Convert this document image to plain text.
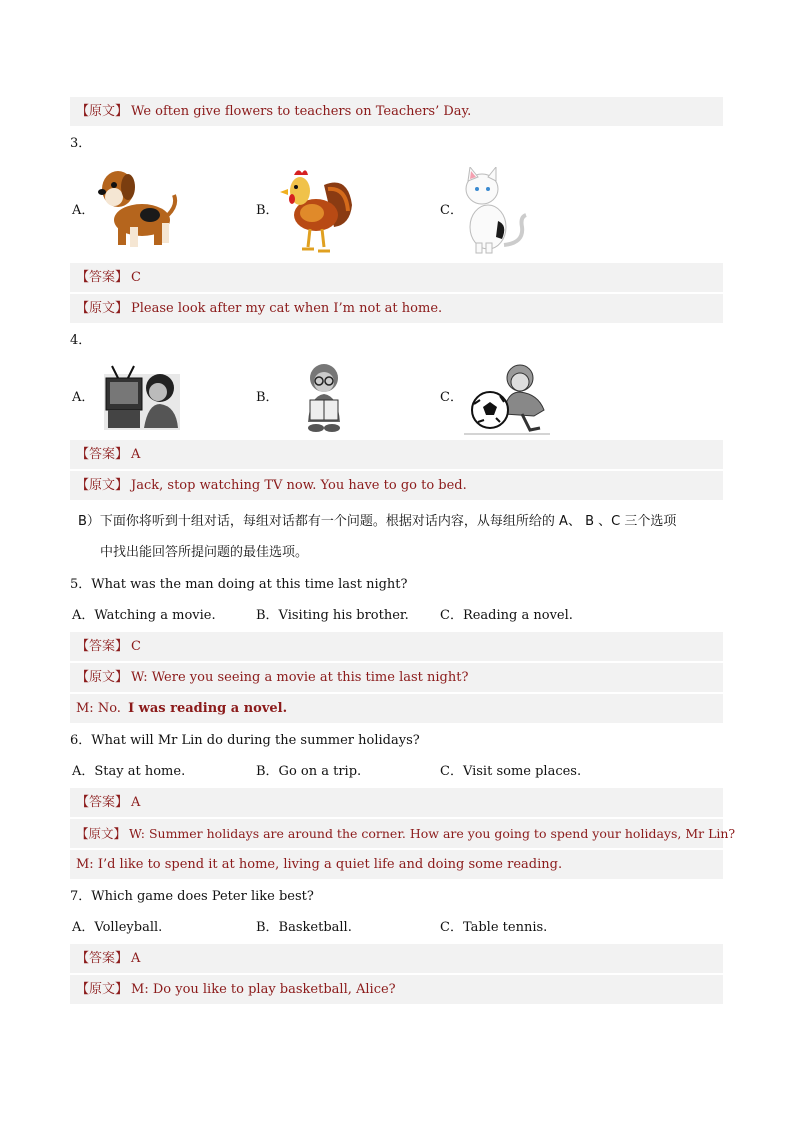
【原文】 We often give flowers to teachers on Teachers’ Day.
3．
A．	B．	C．
【答案】 C
【原文】 Please look after my cat when I’m not at home.
4．
A．	B．	C．
【答案】 A
【原文】 Jack, stop watching TV now. You have to go to bed.
B）下面你将听到十组对话，每组对话都有一个问题。根据对话内容，从每组所给的 A、 B 、C 三个选项
中找出能回答所提问题的最佳选项。
5．What was the man doing at this time last night?
A．Watching a movie.	B．Visiting his brother. C．Reading a novel.
【答案】 C
【原文】 W: Were you seeing a movie at this time last night?
M: No. I was reading a novel.
6．What will Mr Lin do during the summer holidays?
A．Stay at home.	B．Go on a trip.	C．Visit some places.
【答案】 A
【原文】 W: Summer holidays are around the corner. How are you going to spend your holidays, Mr Lin?
M: I’d like to spend it at home, living a quiet life and doing some reading.
7．Which game does Peter like best?
A．Volleyball.	B．Basketball.	C．Table tennis.
【答案】 A
【原文】 M: Do you like to play basketball, Alice?
